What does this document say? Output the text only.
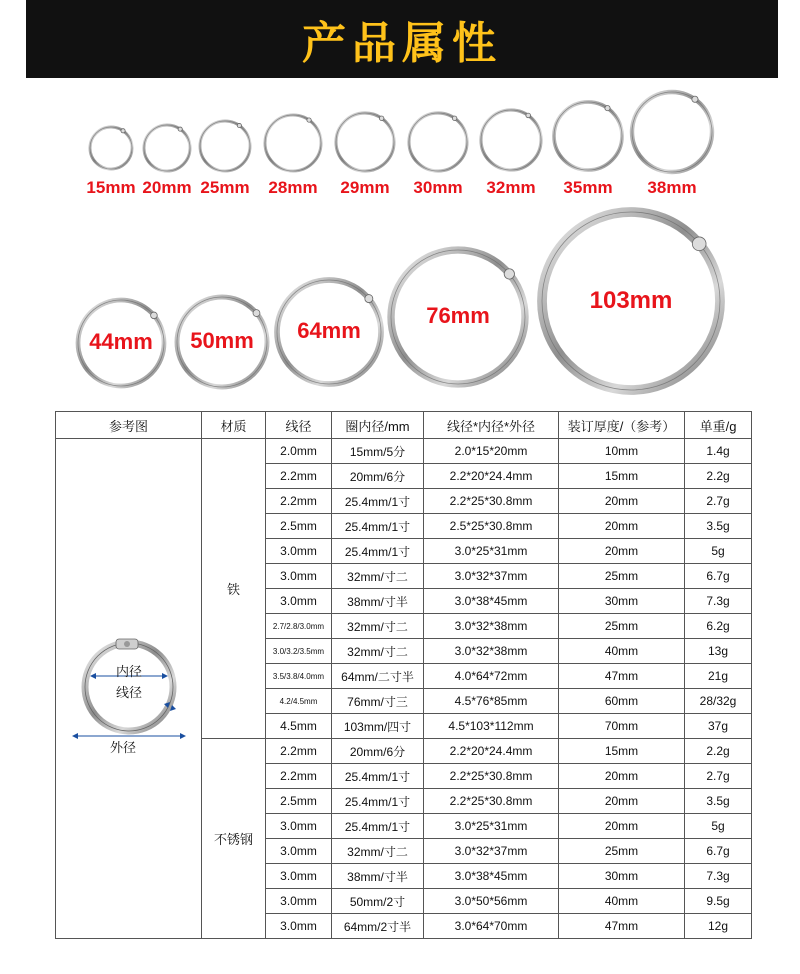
产品属性
15mm 20mm 25mm 28mm 29mm 30mm 32mm 35mm 38mm
44mm 50mm 64mm
76mm
103mm
参考图	材质	线径	圈内径/mm	线径*内径*外径	装订厚度/（参考）	单重/g

内径
线径
外径	铁	2.0mm	15mm/5分	2.0*15*20mm	10mm	1.4g
		2.2mm	20mm/6分	2.2*20*24.4mm	15mm	2.2g
		2.2mm	25.4mm/1寸	2.2*25*30.8mm	20mm	2.7g
		2.5mm	25.4mm/1寸	2.5*25*30.8mm	20mm	3.5g
		3.0mm	25.4mm/1寸	3.0*25*31mm	20mm	5g
		3.0mm	32mm/寸二	3.0*32*37mm	25mm	6.7g
		3.0mm	38mm/寸半	3.0*38*45mm	30mm	7.3g
		2.7/2.8/3.0mm	32mm/寸二	3.0*32*38mm	25mm	6.2g
		3.0/3.2/3.5mm	32mm/寸二	3.0*32*38mm	40mm	13g
		3.5/3.8/4.0mm	64mm/二寸半	4.0*64*72mm	47mm	21g
		4.2/4.5mm	76mm/寸三	4.5*76*85mm	60mm	28/32g
		4.5mm	103mm/四寸	4.5*103*112mm	70mm	37g
	不锈钢	2.2mm	20mm/6分	2.2*20*24.4mm	15mm	2.2g
		2.2mm	25.4mm/1寸	2.2*25*30.8mm	20mm	2.7g
		2.5mm	25.4mm/1寸	2.2*25*30.8mm	20mm	3.5g
		3.0mm	25.4mm/1寸	3.0*25*31mm	20mm	5g
		3.0mm	32mm/寸二	3.0*32*37mm	25mm	6.7g
		3.0mm	38mm/寸半	3.0*38*45mm	30mm	7.3g
		3.0mm	50mm/2寸	3.0*50*56mm	40mm	9.5g
		3.0mm	64mm/2寸半	3.0*64*70mm	47mm	12g
